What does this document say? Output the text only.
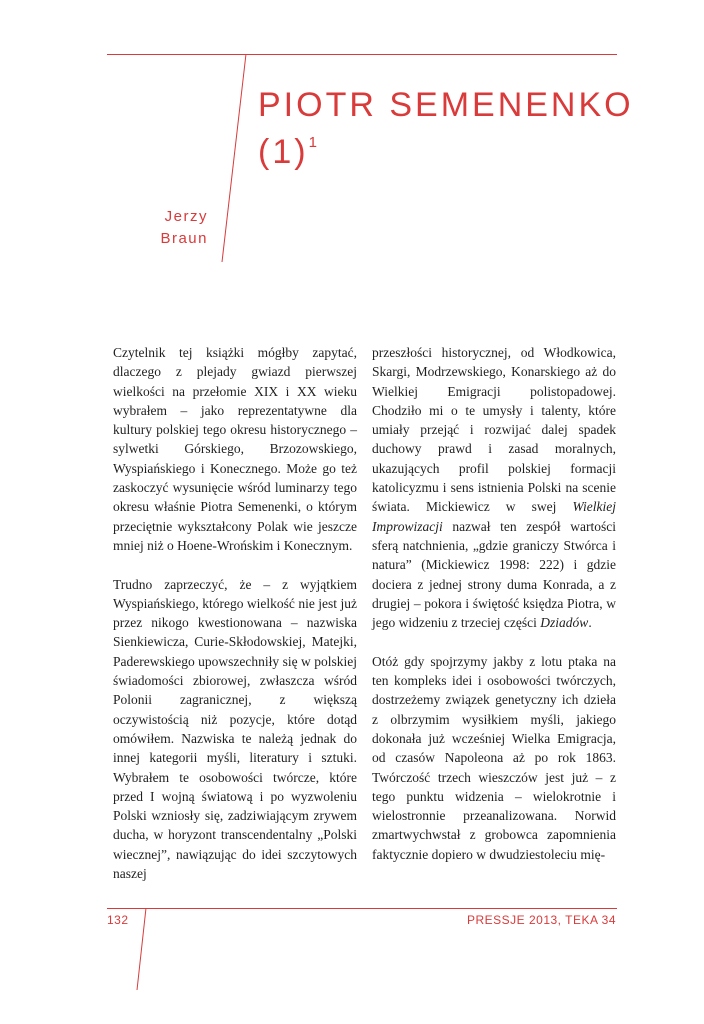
PIOTR SEMENENKO
$(1)^1$
Jerzy
Braun

Czytelnik tej książki mógłby zapytać, dlaczego z plejady gwiazd pierwszej wielkości na przełomie XIX i XX wieku wybrałem – jako reprezentatywne dla kultury polskiej tego okresu historycznego – sylwetki Górskiego, Brzozowskiego, Wyspiańskiego i Konecznego. Może go też zaskoczyć wysunięcie wśród luminarzy tego okresu właśnie Piotra Semenenki, o którym przeciętnie wykształcony Polak wie jeszcze mniej niż o Hoene-Wrońskim i Konecznym.

Trudno zaprzeczyć, że – z wyjątkiem Wyspiańskiego, którego wielkość nie jest już przez nikogo kwestionowana – nazwiska Sienkiewicza, Curie-Skłodowskiej, Matejki, Paderewskiego upowszechniły się w polskiej świadomości zbiorowej, zwłaszcza wśród Polonii zagranicznej, z większą oczywistością niż pozycje, które dotąd omówiłem. Nazwiska te należą jednak do innej kategorii myśli, literatury i sztuki. Wybrałem te osobowości twórcze, które przed I wojną światową i po wyzwoleniu Polski wzniosły się, zadziwiającym zrywem ducha, w horyzont transcendentalny „Polski wiecznej”, nawiązując do idei szczytowych naszej

przeszłości historycznej, od Włodkowica, Skargi, Modrzewskiego, Konarskiego aż do Wielkiej Emigracji polistopadowej. Chodziło mi o te umysły i talenty, które umiały przejąć i rozwijać dalej spadek duchowy prawd i zasad moralnych, ukazujących profil polskiej formacji katolicyzmu i sens istnienia Polski na scenie świata. Mickiewicz w swej Wielkiej Improwizacji nazwał ten zespół wartości sferą natchnienia, „gdzie graniczy Stwórca i natura” (Mickiewicz 1998: 222) i gdzie dociera z jednej strony duma Konrada, a z drugiej – pokora i świętość księdza Piotra, w jego widzeniu z trzeciej części Dziadów.

Otóż gdy spojrzymy jakby z lotu ptaka na ten kompleks idei i osobowości twórczych, dostrzeżemy związek genetyczny ich dzieła z olbrzymim wysiłkiem myśli, jakiego dokonała już wcześniej Wielka Emigracja, od czasów Napoleona aż po rok 1863. Twórczość trzech wieszczów jest już – z tego punktu widzenia – wielokrotnie i wielostronnie przeanalizowana. Norwid zmartwychwstał z grobowca zapomnienia faktycznie dopiero w dwudziestoleciu mię-

132	PRESSJE 2013, TEKA 34
